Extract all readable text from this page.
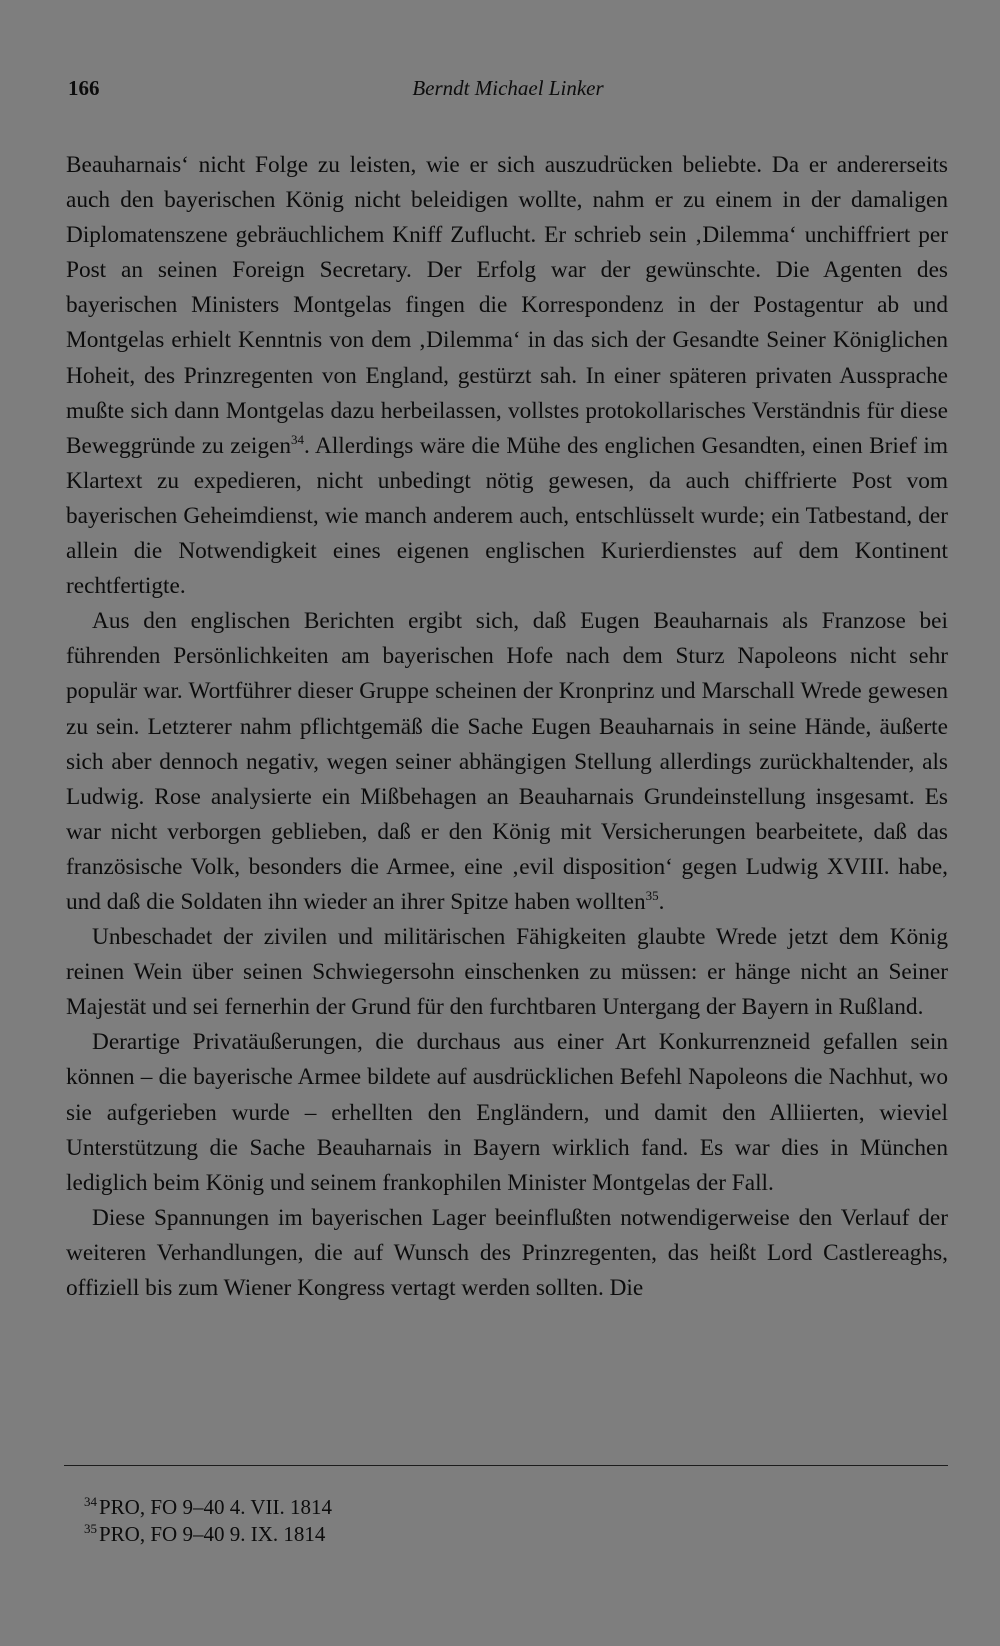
166	Berndt Michael Linker

Beauharnais‘ nicht Folge zu leisten, wie er sich auszudrücken beliebte. Da er andererseits auch den bayerischen König nicht beleidigen wollte, nahm er zu einem in der damaligen Diplomatenszene gebräuchlichem Kniff Zuflucht. Er schrieb sein ‚Dilemma‘ unchiffriert per Post an seinen Foreign Secretary. Der Erfolg war der gewünschte. Die Agenten des bayerischen Ministers Montgelas fingen die Korrespondenz in der Postagentur ab und Montgelas erhielt Kenntnis von dem ‚Dilemma‘ in das sich der Gesandte Seiner Königlichen Hoheit, des Prinzregenten von England, gestürzt sah. In einer späteren privaten Aussprache mußte sich dann Montgelas dazu herbeilassen, vollstes protokollarisches Verständnis für diese Beweggründe zu zeigen$^{34}$. Allerdings wäre die Mühe des englichen Gesandten, einen Brief im Klartext zu expedieren, nicht unbedingt nötig gewesen, da auch chiffrierte Post vom bayerischen Geheimdienst, wie manch anderem auch, entschlüsselt wurde; ein Tatbestand, der allein die Notwendigkeit eines eigenen englischen Kurierdienstes auf dem Kontinent rechtfertigte.

Aus den englischen Berichten ergibt sich, daß Eugen Beauharnais als Franzose bei führenden Persönlichkeiten am bayerischen Hofe nach dem Sturz Napoleons nicht sehr populär war. Wortführer dieser Gruppe scheinen der Kronprinz und Marschall Wrede gewesen zu sein. Letzterer nahm pflichtgemäß die Sache Eugen Beauharnais in seine Hände, äußerte sich aber dennoch negativ, wegen seiner abhängigen Stellung allerdings zurückhaltender, als Ludwig. Rose analysierte ein Mißbehagen an Beauharnais Grundeinstellung insgesamt. Es war nicht verborgen geblieben, daß er den König mit Versicherungen bearbeitete, daß das französische Volk, besonders die Armee, eine ‚evil disposition‘ gegen Ludwig XVIII. habe, und daß die Soldaten ihn wieder an ihrer Spitze haben wollten$^{35}$.

Unbeschadet der zivilen und militärischen Fähigkeiten glaubte Wrede jetzt dem König reinen Wein über seinen Schwiegersohn einschenken zu müssen: er hänge nicht an Seiner Majestät und sei fernerhin der Grund für den furchtbaren Untergang der Bayern in Rußland.

Derartige Privatäußerungen, die durchaus aus einer Art Konkurrenzneid gefallen sein können – die bayerische Armee bildete auf ausdrücklichen Befehl Napoleons die Nachhut, wo sie aufgerieben wurde – erhellten den Engländern, und damit den Alliierten, wieviel Unterstützung die Sache Beauharnais in Bayern wirklich fand. Es war dies in München lediglich beim König und seinem frankophilen Minister Montgelas der Fall.

Diese Spannungen im bayerischen Lager beeinflußten notwendigerweise den Verlauf der weiteren Verhandlungen, die auf Wunsch des Prinzregenten, das heißt Lord Castlereaghs, offiziell bis zum Wiener Kongress vertagt werden sollten. Die

$^{34}$PRO, FO 9–40 4. VII. 1814
$^{35}$PRO, FO 9–40 9. IX. 1814
